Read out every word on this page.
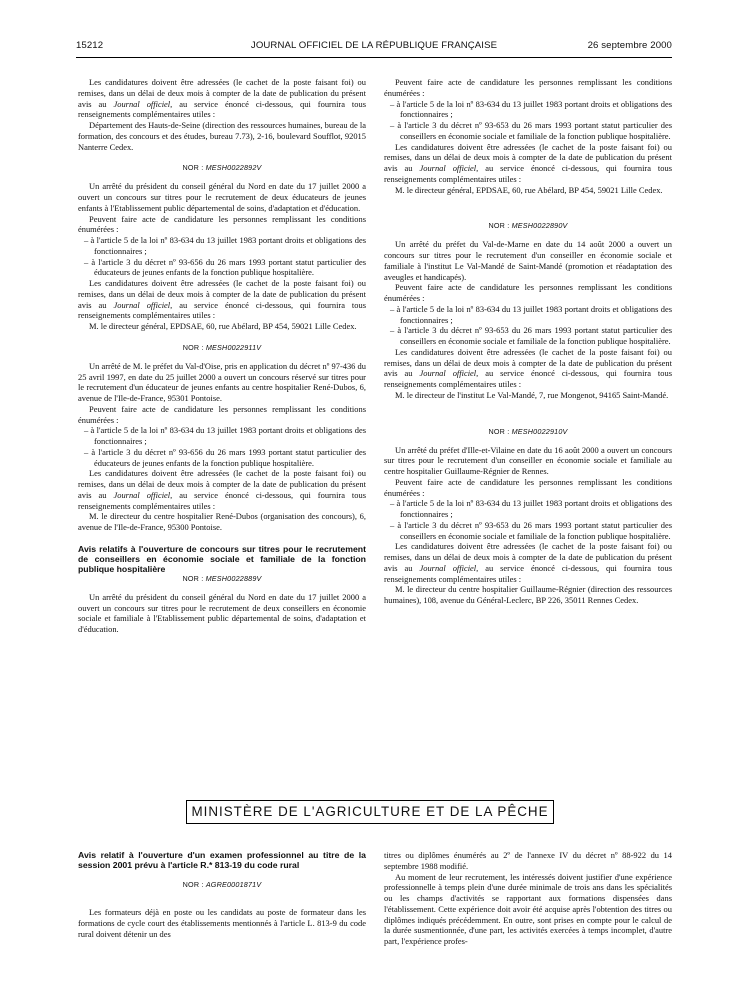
15212	JOURNAL OFFICIEL DE LA RÉPUBLIQUE FRANÇAISE	26 septembre 2000

Les candidatures doivent être adressées (le cachet de la poste faisant foi) ou remises, dans un délai de deux mois à compter de la date de publication du présent avis au Journal officiel, au service énoncé ci-dessous, qui fournira tous renseignements complémentaires utiles :

Département des Hauts-de-Seine (direction des ressources humaines, bureau de la formation, des concours et des études, bureau 7.73), 2-16, boulevard Soufflot, 92015 Nanterre Cedex.

NOR : MESH0022892V

Un arrêté du président du conseil général du Nord en date du 17 juillet 2000 a ouvert un concours sur titres pour le recrutement de deux éducateurs de jeunes enfants à l'Etablissement public départemental de soins, d'adaptation et d'éducation.

Peuvent faire acte de candidature les personnes remplissant les conditions énumérées :

– à l'article 5 de la loi nº 83-634 du 13 juillet 1983 portant droits et obligations des fonctionnaires ;

– à l'article 3 du décret nº 93-656 du 26 mars 1993 portant statut particulier des éducateurs de jeunes enfants de la fonction publique hospitalière.

Les candidatures doivent être adressées (le cachet de la poste faisant foi) ou remises, dans un délai de deux mois à compter de la date de publication du présent avis au Journal officiel, au service énoncé ci-dessous, qui fournira tous renseignements complémentaires utiles :

M. le directeur général, EPDSAE, 60, rue Abélard, BP 454, 59021 Lille Cedex.

NOR : MESH0022911V

Un arrêté de M. le préfet du Val-d'Oise, pris en application du décret nº 97-436 du 25 avril 1997, en date du 25 juillet 2000 a ouvert un concours réservé sur titres pour le recrutement d'un éducateur de jeunes enfants au centre hospitalier René-Dubos, 6, avenue de l'Ile-de-France, 95301 Pontoise.

Peuvent faire acte de candidature les personnes remplissant les conditions énumérées :

– à l'article 5 de la loi nº 83-634 du 13 juillet 1983 portant droits et obligations des fonctionnaires ;

– à l'article 3 du décret nº 93-656 du 26 mars 1993 portant statut particulier des éducateurs de jeunes enfants de la fonction publique hospitalière.

Les candidatures doivent être adressées (le cachet de la poste faisant foi) ou remises, dans un délai de deux mois à compter de la date de publication du présent avis au Journal officiel, au service énoncé ci-dessous, qui fournira tous renseignements complémentaires utiles :

M. le directeur du centre hospitalier René-Dubos (organisation des concours), 6, avenue de l'Ile-de-France, 95300 Pontoise.

Avis relatifs à l'ouverture de concours sur titres pour le recrutement de conseillers en économie sociale et familiale de la fonction publique hospitalière

NOR : MESH0022889V

Un arrêté du président du conseil général du Nord en date du 17 juillet 2000 a ouvert un concours sur titres pour le recrutement de deux conseillers en économie sociale et familiale à l'Etablissement public départemental de soins, d'adaptation et d'éducation.

Peuvent faire acte de candidature les personnes remplissant les conditions énumérées :

– à l'article 5 de la loi nº 83-634 du 13 juillet 1983 portant droits et obligations des fonctionnaires ;

– à l'article 3 du décret nº 93-653 du 26 mars 1993 portant statut particulier des conseillers en économie sociale et familiale de la fonction publique hospitalière.

Les candidatures doivent être adressées (le cachet de la poste faisant foi) ou remises, dans un délai de deux mois à compter de la date de publication du présent avis au Journal officiel, au service énoncé ci-dessous, qui fournira tous renseignements complémentaires utiles :

M. le directeur général, EPDSAE, 60, rue Abélard, BP 454, 59021 Lille Cedex.

NOR : MESH0022890V

Un arrêté du préfet du Val-de-Marne en date du 14 août 2000 a ouvert un concours sur titres pour le recrutement d'un conseiller en économie sociale et familiale à l'institut Le Val-Mandé de Saint-Mandé (promotion et réadaptation des aveugles et handicapés).

Peuvent faire acte de candidature les personnes remplissant les conditions énumérées :

– à l'article 5 de la loi nº 83-634 du 13 juillet 1983 portant droits et obligations des fonctionnaires ;

– à l'article 3 du décret nº 93-653 du 26 mars 1993 portant statut particulier des conseillers en économie sociale et familiale de la fonction publique hospitalière.

Les candidatures doivent être adressées (le cachet de la poste faisant foi) ou remises, dans un délai de deux mois à compter de la date de publication du présent avis au Journal officiel, au service énoncé ci-dessous, qui fournira tous renseignements complémentaires utiles :

M. le directeur de l'institut Le Val-Mandé, 7, rue Mongenot, 94165 Saint-Mandé.

NOR : MESH0022910V

Un arrêté du préfet d'Ille-et-Vilaine en date du 16 août 2000 a ouvert un concours sur titres pour le recrutement d'un conseiller en économie sociale et familiale au centre hospitalier Guillaume-Régnier de Rennes.

Peuvent faire acte de candidature les personnes remplissant les conditions énumérées :

– à l'article 5 de la loi nº 83-634 du 13 juillet 1983 portant droits et obligations des fonctionnaires ;

– à l'article 3 du décret nº 93-653 du 26 mars 1993 portant statut particulier des conseillers en économie sociale et familiale de la fonction publique hospitalière.

Les candidatures doivent être adressées (le cachet de la poste faisant foi) ou remises, dans un délai de deux mois à compter de la date de publication du présent avis au Journal officiel, au service énoncé ci-dessous, qui fournira tous renseignements complémentaires utiles :

M. le directeur du centre hospitalier Guillaume-Régnier (direction des ressources humaines), 108, avenue du Général-Leclerc, BP 226, 35011 Rennes Cedex.

MINISTÈRE DE L'AGRICULTURE ET DE LA PÊCHE

Avis relatif à l'ouverture d'un examen professionnel au titre de la session 2001 prévu à l'article R.* 813-19 du code rural

NOR : AGRE0001871V

Les formateurs déjà en poste ou les candidats au poste de formateur dans les formations de cycle court des établissements mentionnés à l'article L. 813-9 du code rural doivent détenir un des

titres ou diplômes énumérés au 2º de l'annexe IV du décret nº 88-922 du 14 septembre 1988 modifié.

Au moment de leur recrutement, les intéressés doivent justifier d'une expérience professionnelle à temps plein d'une durée minimale de trois ans dans les spécialités ou les champs d'activités se rapportant aux formations dispensées dans l'établissement. Cette expérience doit avoir été acquise après l'obtention des titres ou diplômes indiqués précédemment. En outre, sont prises en compte pour le calcul de la durée susmentionnée, d'une part, les activités exercées à temps incomplet, d'autre part, l'expérience profes-
